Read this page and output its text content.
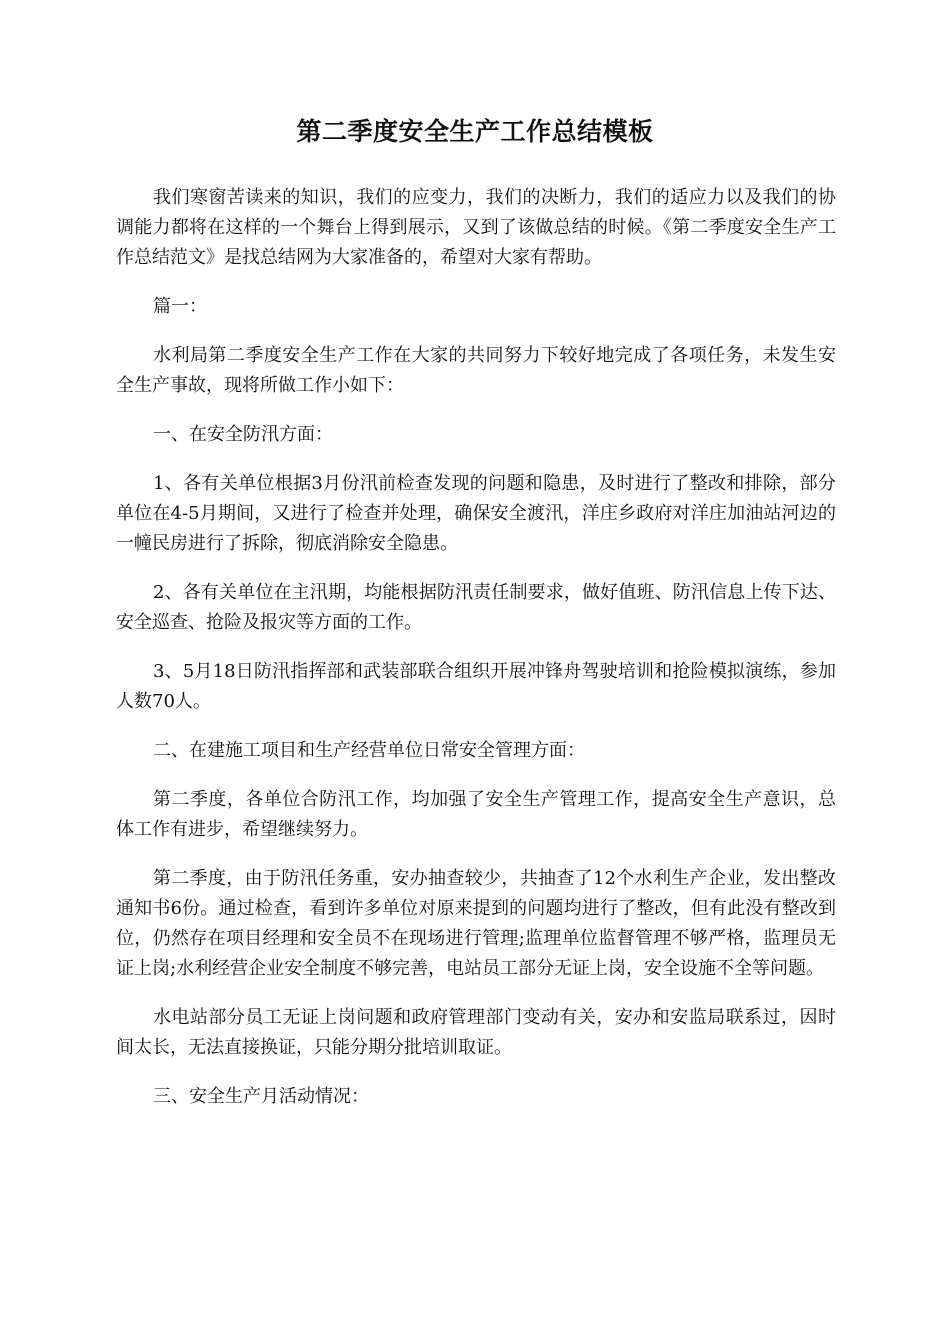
第二季度安全生产工作总结模板

我们寒窗苦读来的知识，我们的应变力，我们的决断力，我们的适应力以及我们的协调能力都将在这样的一个舞台上得到展示，又到了该做总结的时候。《第二季度安全生产工作总结范文》是找总结网为大家准备的，希望对大家有帮助。

篇一：

水利局第二季度安全生产工作在大家的共同努力下较好地完成了各项任务，未发生安全生产事故，现将所做工作小如下：

一、在安全防汛方面：

1、各有关单位根据3月份汛前检查发现的问题和隐患，及时进行了整改和排除，部分单位在4-5月期间，又进行了检查并处理，确保安全渡汛，洋庄乡政府对洋庄加油站河边的一幢民房进行了拆除，彻底消除安全隐患。

2、各有关单位在主汛期，均能根据防汛责任制要求，做好值班、防汛信息上传下达、安全巡查、抢险及报灾等方面的工作。

3、5月18日防汛指挥部和武装部联合组织开展冲锋舟驾驶培训和抢险模拟演练，参加人数70人。

二、在建施工项目和生产经营单位日常安全管理方面：

第二季度，各单位合防汛工作，均加强了安全生产管理工作，提高安全生产意识，总体工作有进步，希望继续努力。

第二季度，由于防汛任务重，安办抽查较少，共抽查了12个水利生产企业，发出整改通知书6份。通过检查，看到许多单位对原来提到的问题均进行了整改，但有此没有整改到位，仍然存在项目经理和安全员不在现场进行管理;监理单位监督管理不够严格，监理员无证上岗;水利经营企业安全制度不够完善，电站员工部分无证上岗，安全设施不全等问题。

水电站部分员工无证上岗问题和政府管理部门变动有关，安办和安监局联系过，因时间太长，无法直接换证，只能分期分批培训取证。

三、安全生产月活动情况：
